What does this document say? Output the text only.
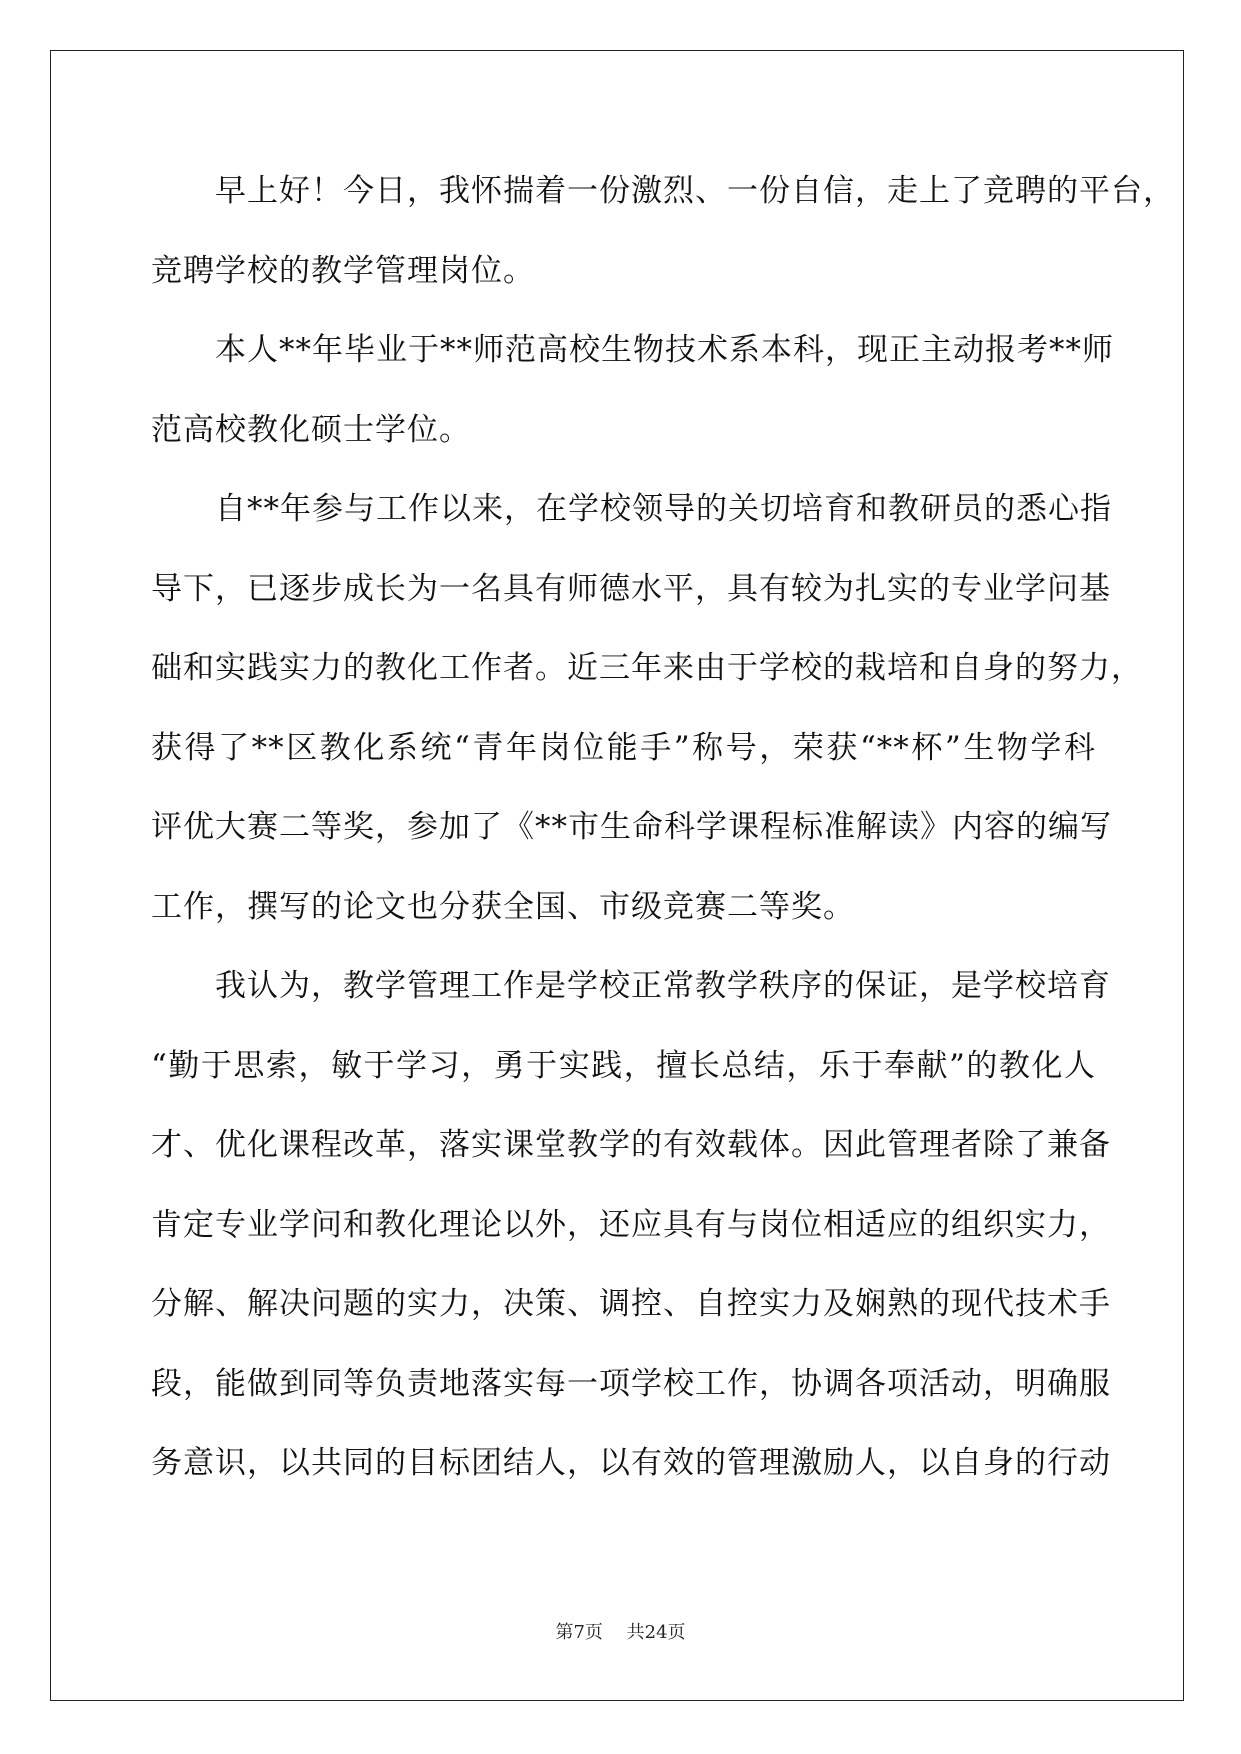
　　早上好！今日，我怀揣着一份激烈、一份自信，走上了竞聘的平台，
竞聘学校的教学管理岗位。
　　本人**年毕业于**师范高校生物技术系本科，现正主动报考**师
范高校教化硕士学位。
　　自**年参与工作以来，在学校领导的关切培育和教研员的悉心指
导下，已逐步成长为一名具有师德水平，具有较为扎实的专业学问基
础和实践实力的教化工作者。近三年来由于学校的栽培和自身的努力，
获得了**区教化系统“青年岗位能手”称号，荣获“**杯”生物学科
评优大赛二等奖，参加了《**市生命科学课程标准解读》内容的编写
工作，撰写的论文也分获全国、市级竞赛二等奖。
　　我认为，教学管理工作是学校正常教学秩序的保证，是学校培育
“勤于思索，敏于学习，勇于实践，擅长总结，乐于奉献”的教化人
才、优化课程改革，落实课堂教学的有效载体。因此管理者除了兼备
肯定专业学问和教化理论以外，还应具有与岗位相适应的组织实力，
分解、解决问题的实力，决策、调控、自控实力及娴熟的现代技术手
段，能做到同等负责地落实每一项学校工作，协调各项活动，明确服
务意识，以共同的目标团结人，以有效的管理激励人，以自身的行动
第7页 共24页
